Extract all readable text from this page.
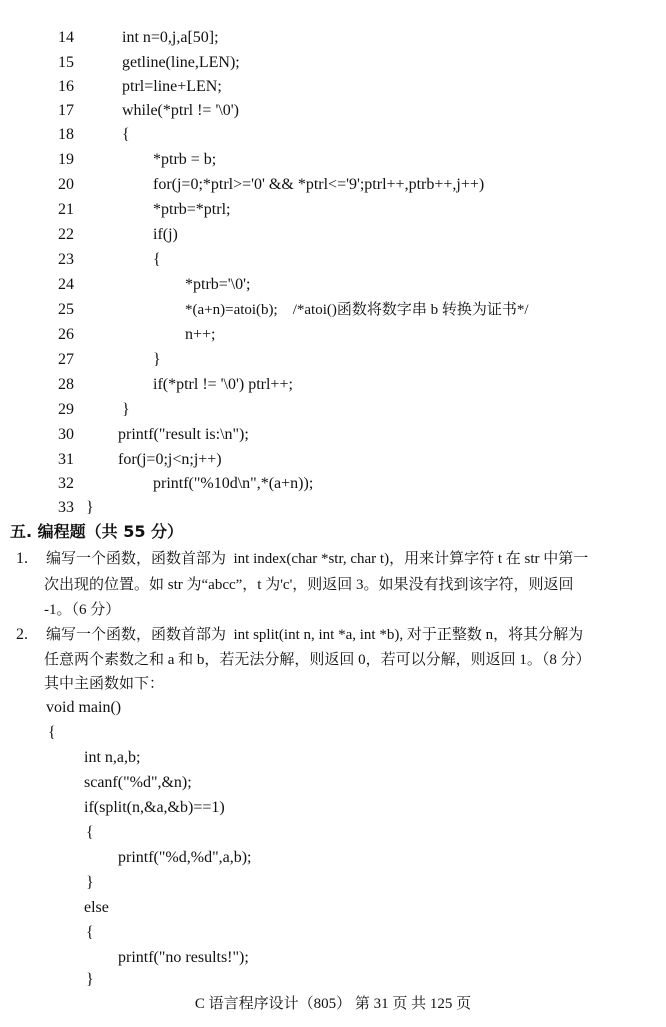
14	int n=0,j,a[50];
15	getline(line,LEN);
16	ptrl=line+LEN;
17	while(*ptrl != '\0')
18	{
19	*ptrb = b;
20	for(j=0;*ptrl>='0' && *ptrl<='9';ptrl++,ptrb++,j++)
21	*ptrb=*ptrl;
22	if(j)
23	{
24	*ptrb='\0';
25	*(a+n)=atoi(b);    /*atoi()函数将数字串 b 转换为证书*/
26	n++;
27	}
28	if(*ptrl != '\0') ptrl++;
29	}
30	printf("result is:\n");
31	for(j=0;j<n;j++)
32	printf("%10d\n",*(a+n));
33 }
五. 编程题（共 55 分）
1. 编写一个函数，函数首部为  int index(char *str, char t)，用来计算字符 t 在 str 中第一
次出现的位置。如 str 为“abcc”，t 为'c'，则返回 3。如果没有找到该字符，则返回
-1。（6 分）
2. 编写一个函数，函数首部为  int split(int n, int *a, int *b), 对于正整数 n，将其分解为
任意两个素数之和 a 和 b，若无法分解，则返回 0，若可以分解，则返回 1。（8 分）
其中主函数如下：
void main()
{
int n,a,b;
scanf("%d",&n);
if(split(n,&a,&b)==1)
{
printf("%d,%d",a,b);
}
else
{
printf("no results!");
}
C 语言程序设计（805） 第 31 页 共 125 页
